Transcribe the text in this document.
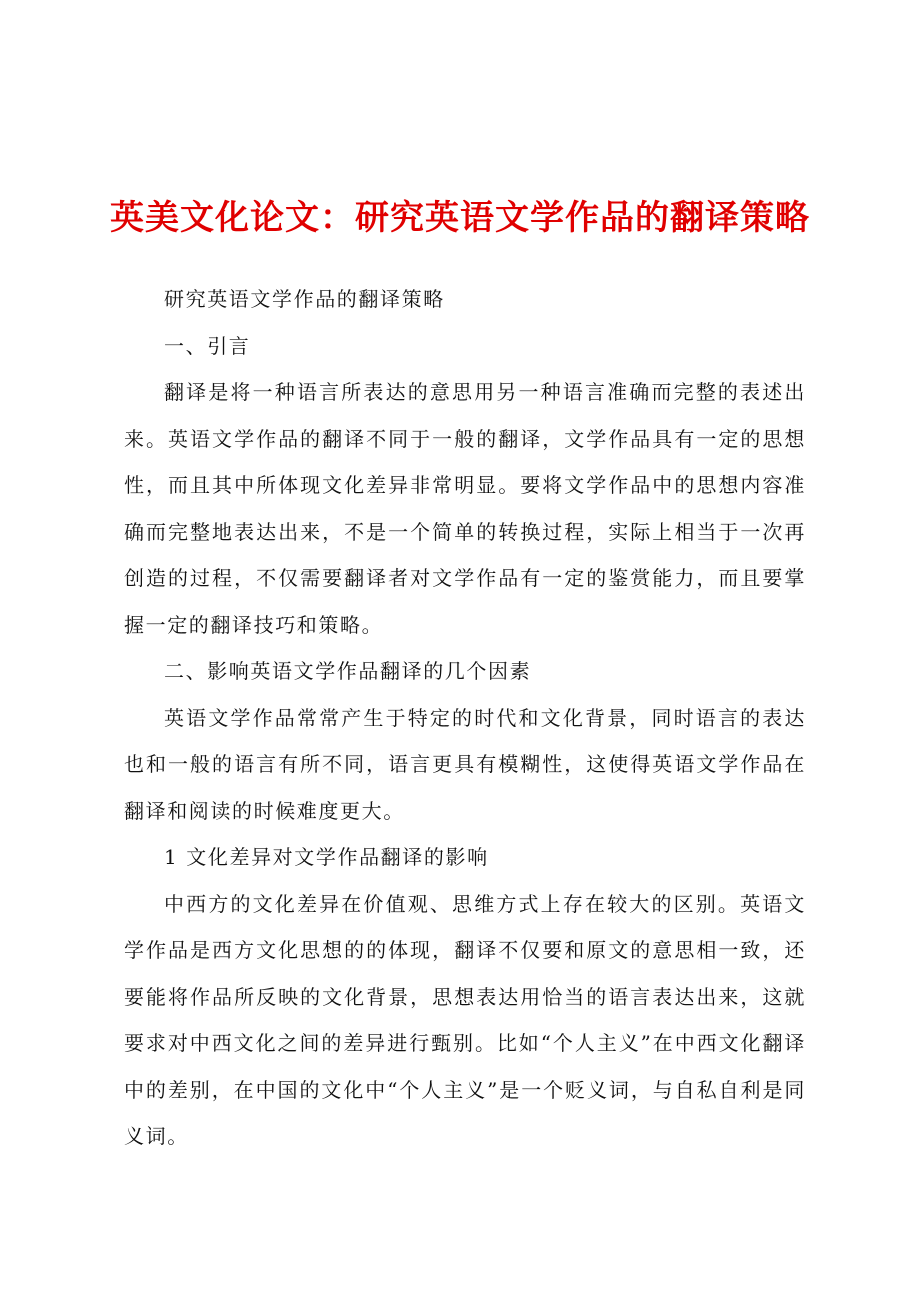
英美文化论文：研究英语文学作品的翻译策略

研究英语文学作品的翻译策略

一、引言

翻译是将一种语言所表达的意思用另一种语言准确而完整的表述出来。英语文学作品的翻译不同于一般的翻译，文学作品具有一定的思想性，而且其中所体现文化差异非常明显。要将文学作品中的思想内容准确而完整地表达出来，不是一个简单的转换过程，实际上相当于一次再创造的过程，不仅需要翻译者对文学作品有一定的鉴赏能力，而且要掌握一定的翻译技巧和策略。

二、影响英语文学作品翻译的几个因素

英语文学作品常常产生于特定的时代和文化背景，同时语言的表达也和一般的语言有所不同，语言更具有模糊性，这使得英语文学作品在翻译和阅读的时候难度更大。

1 文化差异对文学作品翻译的影响

中西方的文化差异在价值观、思维方式上存在较大的区别。英语文学作品是西方文化思想的的体现，翻译不仅要和原文的意思相一致，还要能将作品所反映的文化背景，思想表达用恰当的语言表达出来，这就要求对中西文化之间的差异进行甄别。比如“个人主义”在中西文化翻译中的差别，在中国的文化中“个人主义”是一个贬义词，与自私自利是同义词。
